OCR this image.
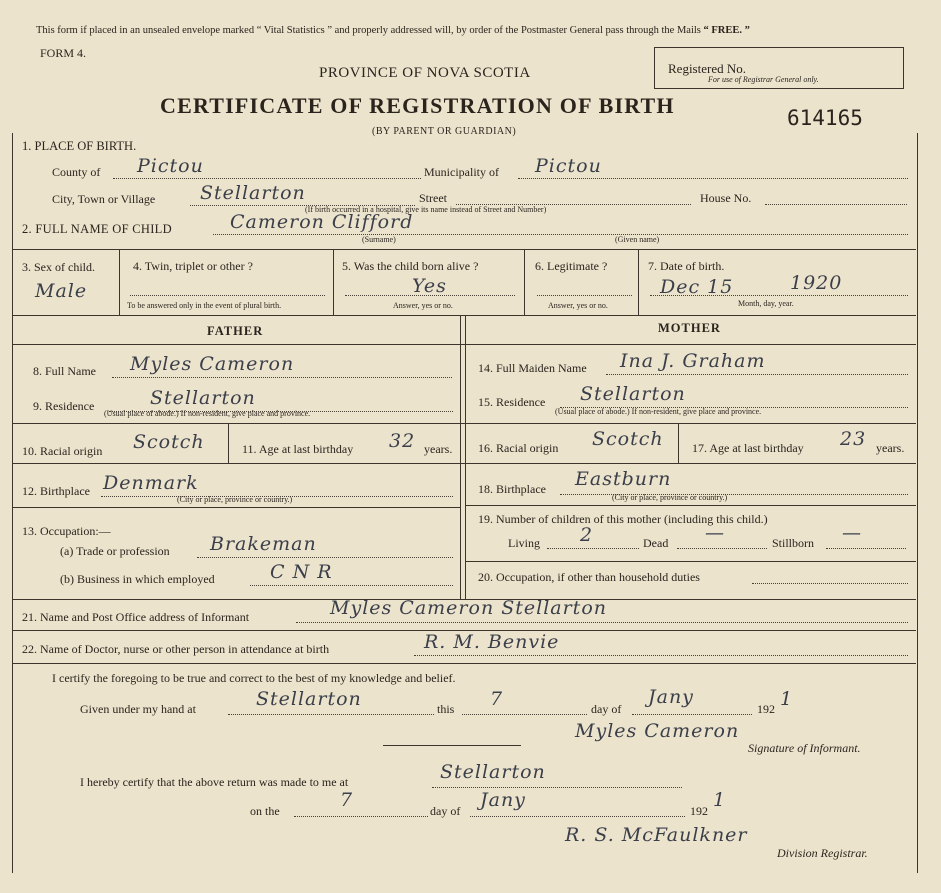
This form if placed in an unsealed envelope marked “ Vital Statistics ” and properly addressed will, by order of the Postmaster General pass through the Mails “ FREE. ”
FORM 4.
PROVINCE OF NOVA SCOTIA
CERTIFICATE OF REGISTRATION OF BIRTH
(BY PARENT OR GUARDIAN)
Registered No.
For use of Registrar General only.
614165
1. PLACE OF BIRTH.
County of Pictou	Municipality of Pictou
City, Town or Village Stellarton	Street	House No.
(If birth occurred in a hospital, give its name instead of Street and Number)
2. FULL NAME OF CHILD	Cameron Clifford
(Surname)	(Given name)
3. Sex of child.
Male
4. Twin, triplet or other ?
To be answered only in the event of plural birth.
5. Was the child born alive ?
Yes
Answer, yes or no.
6. Legitimate ?
Answer, yes or no.
7. Date of birth.
Dec 15	1920
Month, day, year.
FATHER	MOTHER
8. Full Name Myles Cameron
9. Residence	Stellarton
(Usual place of abode.) If non-resident, give place and province.
10. Racial origin Scotch	11. Age at last birthday 32 years.
12. Birthplace Denmark
(City or place, province or country.)
13. Occupation:—
(a) Trade or profession Brakeman
(b) Business in which employed	C N R
14. Full Maiden Name Ina J. Graham
15. Residence Stellarton
(Usual place of abode.) If non-resident, give place and province.
16. Racial origin Scotch 17. Age at last birthday 23 years.
18. Birthplace Eastburn
(City or place, province or country.)
19. Number of children of this mother (including this child.)
Living 2	Dead —	Stillborn —
20. Occupation, if other than household duties
21. Name and Post Office address of Informant	Myles Cameron Stellarton
22. Name of Doctor, nurse or other person in attendance at birth	R. M. Benvie
I certify the foregoing to be true and correct to the best of my knowledge and belief.
Given under my hand at	Stellarton	this 7	day of
Jany
192 1
Myles Cameron
Signature of Informant.
I hereby certify that the above return was made to me at	Stellarton
on the	7	day of Jany	192 1
R. S. McFaulkner
Division Registrar.
